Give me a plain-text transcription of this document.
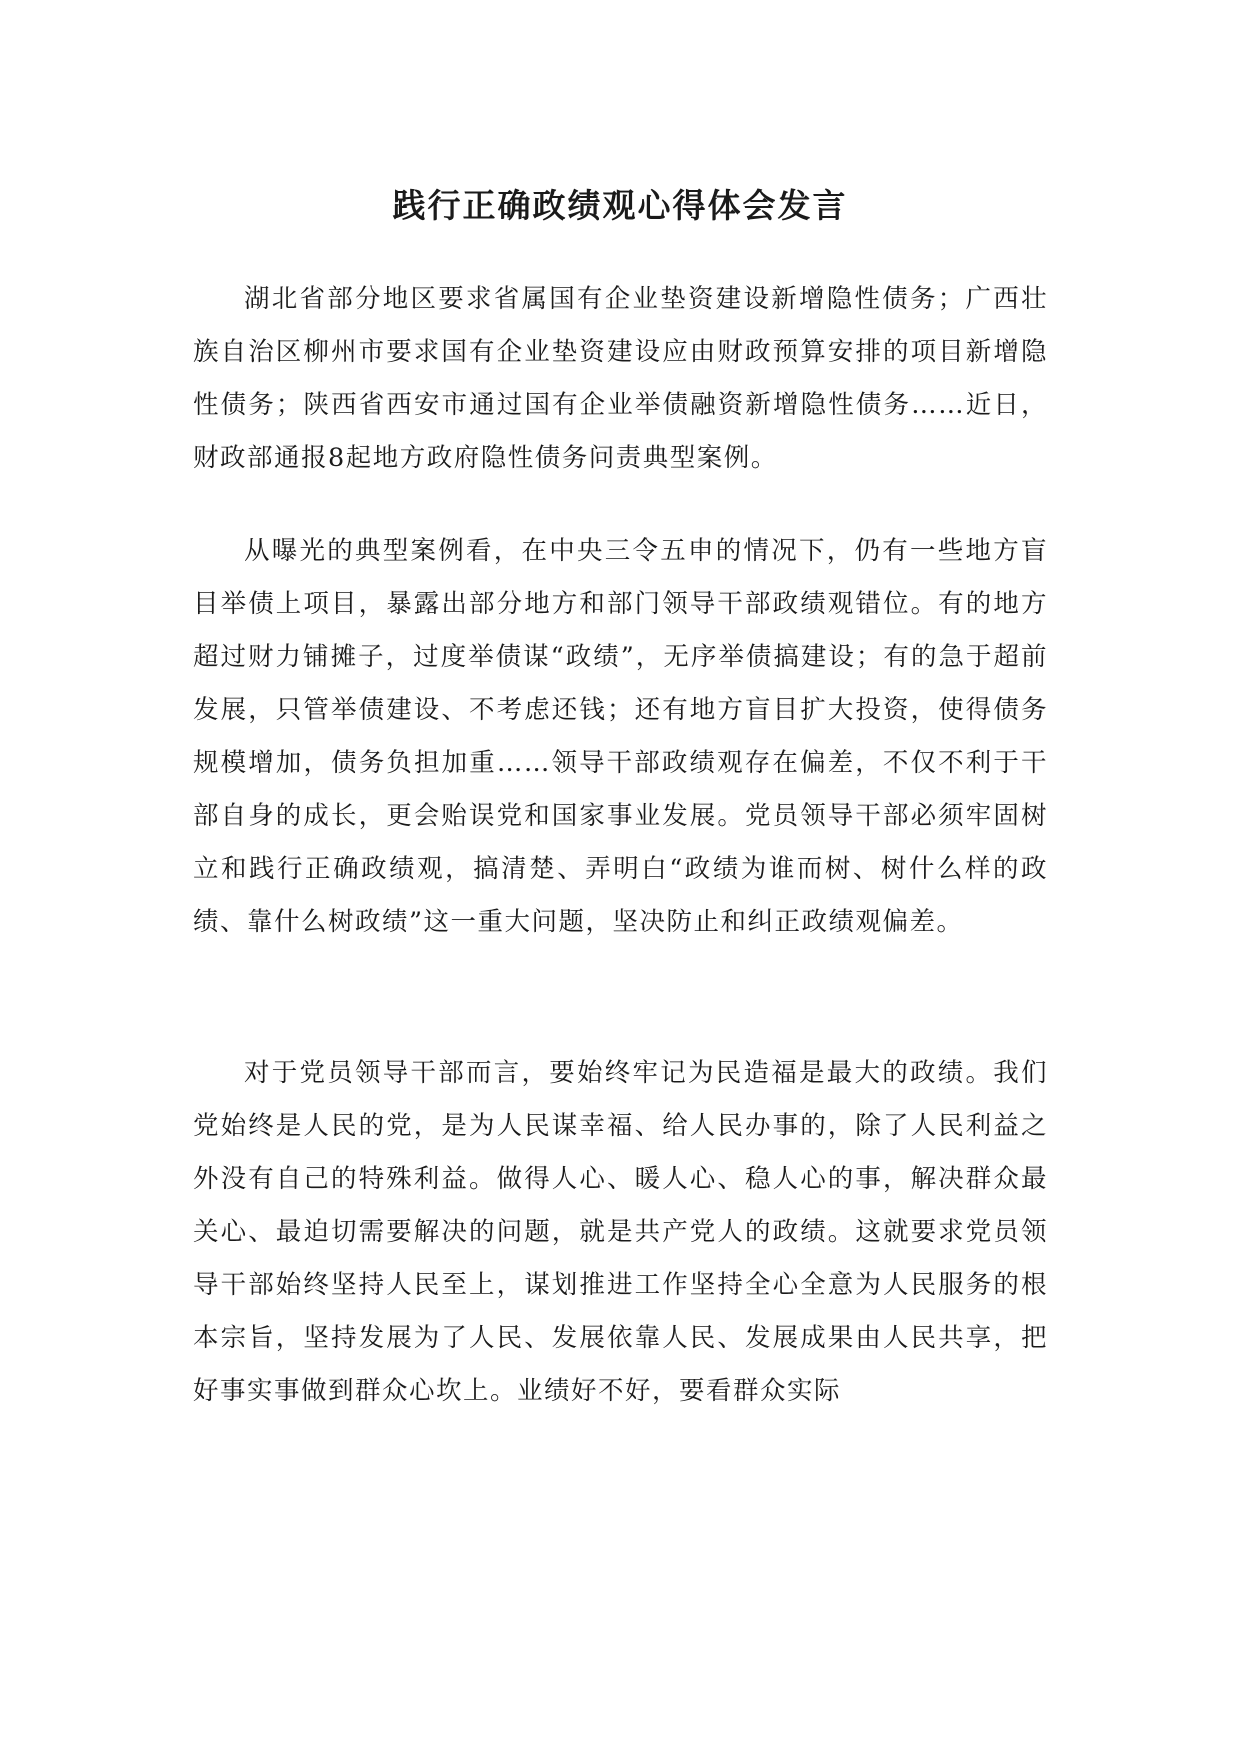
践行正确政绩观心得体会发言

湖北省部分地区要求省属国有企业垫资建设新增隐性债务；广西壮族自治区柳州市要求国有企业垫资建设应由财政预算安排的项目新增隐性债务；陕西省西安市通过国有企业举债融资新增隐性债务……近日，财政部通报8起地方政府隐性债务问责典型案例。

从曝光的典型案例看，在中央三令五申的情况下，仍有一些地方盲目举债上项目，暴露出部分地方和部门领导干部政绩观错位。有的地方超过财力铺摊子，过度举债谋“政绩”，无序举债搞建设；有的急于超前发展，只管举债建设、不考虑还钱；还有地方盲目扩大投资，使得债务规模增加，债务负担加重……领导干部政绩观存在偏差，不仅不利于干部自身的成长，更会贻误党和国家事业发展。党员领导干部必须牢固树立和践行正确政绩观，搞清楚、弄明白“政绩为谁而树、树什么样的政绩、靠什么树政绩”这一重大问题，坚决防止和纠正政绩观偏差。

对于党员领导干部而言，要始终牢记为民造福是最大的政绩。我们党始终是人民的党，是为人民谋幸福、给人民办事的，除了人民利益之外没有自己的特殊利益。做得人心、暖人心、稳人心的事，解决群众最关心、最迫切需要解决的问题，就是共产党人的政绩。这就要求党员领导干部始终坚持人民至上，谋划推进工作坚持全心全意为人民服务的根本宗旨，坚持发展为了人民、发展依靠人民、发展成果由人民共享，把好事实事做到群众心坎上。业绩好不好，要看群众实际
